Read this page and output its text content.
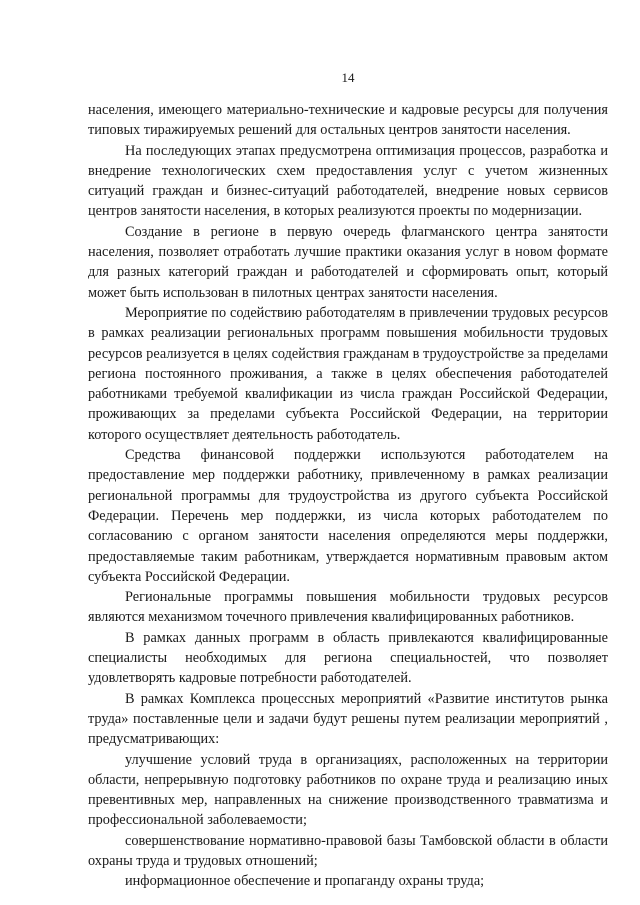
14

населения, имеющего материально-технические и кадровые ресурсы для получения типовых тиражируемых решений для остальных центров занятости населения.

На последующих этапах предусмотрена оптимизация процессов, разработка и внедрение технологических схем предоставления услуг с учетом жизненных ситуаций граждан и бизнес-ситуаций работодателей, внедрение новых сервисов центров занятости населения, в которых реализуются проекты по модернизации.

Создание в регионе в первую очередь флагманского центра занятости населения, позволяет отработать лучшие практики оказания услуг в новом формате для разных категорий граждан и работодателей и сформировать опыт, который может быть использован в пилотных центрах занятости населения.

Мероприятие по содействию работодателям в привлечении трудовых ресурсов в рамках реализации региональных программ повышения мобильности трудовых ресурсов реализуется в целях содействия гражданам в трудоустройстве за пределами региона постоянного проживания, а также в целях обеспечения работодателей работниками требуемой квалификации из числа граждан Российской Федерации, проживающих за пределами субъекта Российской Федерации, на территории которого осуществляет деятельность работодатель.

Средства финансовой поддержки используются работодателем на предоставление мер поддержки работнику, привлеченному в рамках реализации региональной программы для трудоустройства из другого субъекта Российской Федерации. Перечень мер поддержки, из числа которых работодателем по согласованию с органом занятости населения определяются меры поддержки, предоставляемые таким работникам, утверждается нормативным правовым актом субъекта Российской Федерации.

Региональные программы повышения мобильности трудовых ресурсов являются механизмом точечного привлечения квалифицированных работников.

В рамках данных программ в область привлекаются квалифицированные специалисты необходимых для региона специальностей, что позволяет удовлетворять кадровые потребности работодателей.

В рамках Комплекса процессных мероприятий «Развитие институтов рынка труда» поставленные цели и задачи будут решены путем реализации мероприятий , предусматривающих:

улучшение условий труда в организациях, расположенных на территории области, непрерывную подготовку работников по охране труда и реализацию иных превентивных мер, направленных на снижение производственного травматизма и профессиональной заболеваемости;

совершенствование нормативно-правовой базы Тамбовской области в области охраны труда и трудовых отношений;

информационное обеспечение и пропаганду охраны труда;
